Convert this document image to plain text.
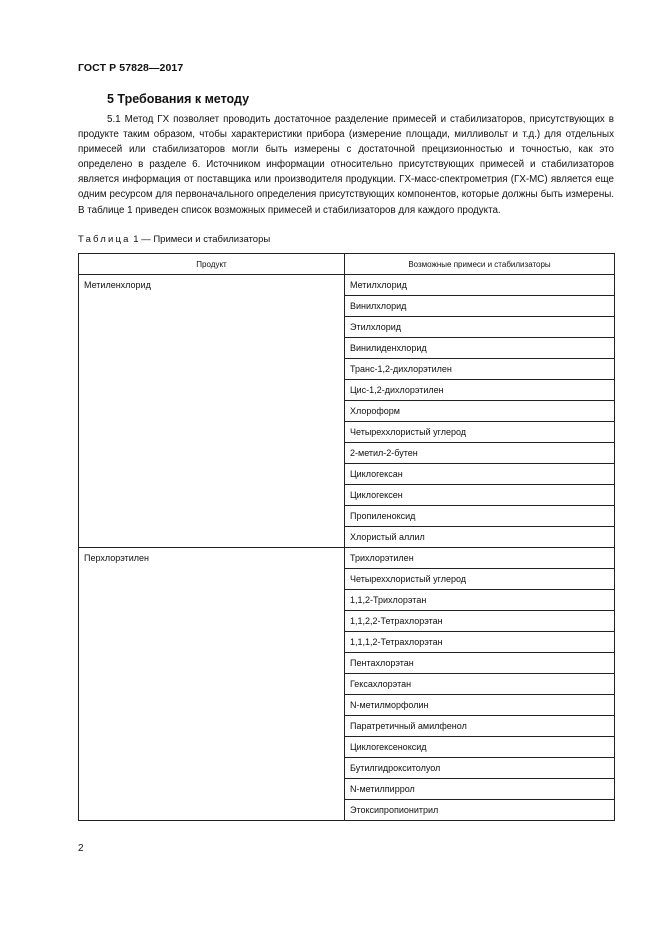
ГОСТ Р 57828—2017
5 Требования к методу

5.1 Метод ГХ позволяет проводить достаточное разделение примесей и стабилизаторов, присутствующих в продукте таким образом, чтобы характеристики прибора (измерение площади, милливольт и т.д.) для отдельных примесей или стабилизаторов могли быть измерены с достаточной прецизионностью и точностью, как это определено в разделе 6. Источником информации относительно присутствующих примесей и стабилизаторов является информация от поставщика или производителя продукции. ГХ-масс-спектрометрия (ГХ-МС) является еще одним ресурсом для первоначального определения присутствующих компонентов, которые должны быть измерены. В таблице 1 приведен список возможных примесей и стабилизаторов для каждого продукта.

Таблица 1 — Примеси и стабилизаторы
Продукт	Возможные примеси и стабилизаторы
Метиленхлорид	Метилхлорид
	Винилхлорид
	Этилхлорид
	Винилиденхлорид
	Транс-1,2-дихлорэтилен
	Цис-1,2-дихлорэтилен
	Хлороформ
	Четыреххлористый углерод
	2-метил-2-бутен
	Циклогексан
	Циклогексен
	Пропиленоксид
	Хлористый аллил
Перхлорэтилен	Трихлорэтилен
	Четыреххлористый углерод
	1,1,2-Трихлорэтан
	1,1,2,2-Тетрахлорэтан
	1,1,1,2-Тетрахлорэтан
	Пентахлорэтан
	Гексахлорэтан
	N-метилморфолин
	Паратретичный амилфенол
	Циклогексеноксид
	Бутилгидрокситолуол
	N-метилпиррол
	Этоксипропионитрил
2
